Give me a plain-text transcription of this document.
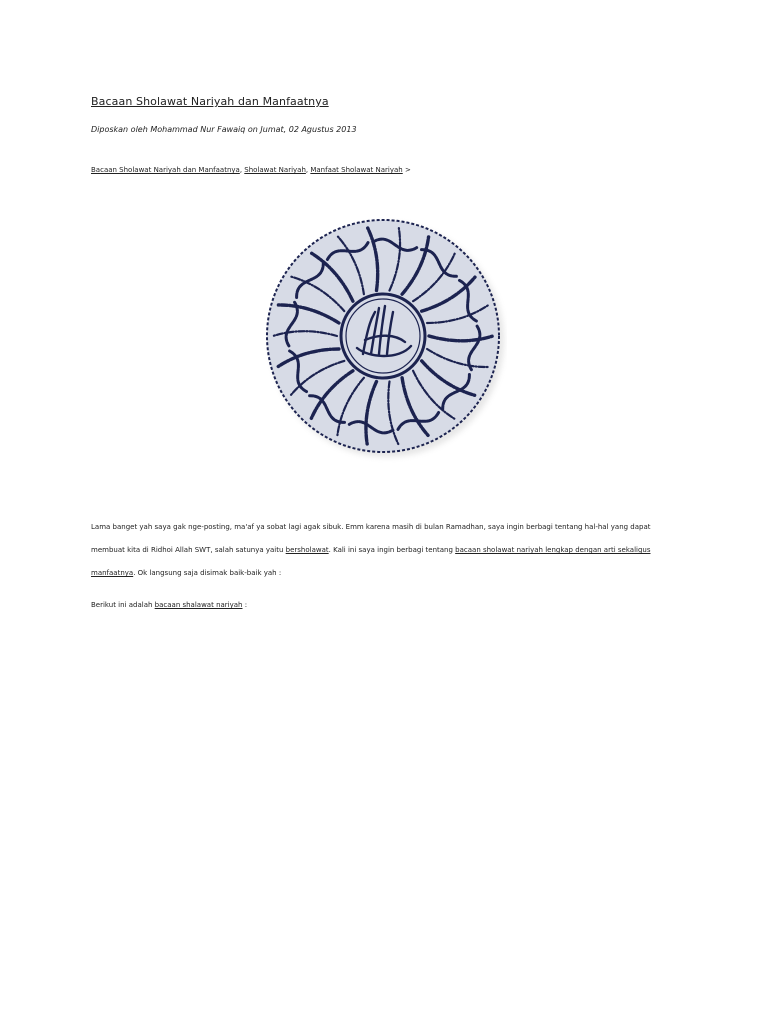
Bacaan Sholawat Nariyah dan Manfaatnya
Diposkan oleh Mohammad Nur Fawaiq on Jumat, 02 Agustus 2013
Bacaan Sholawat Nariyah dan Manfaatnya, Sholawat Nariyah, Manfaat Sholawat Nariyah >
Lama banget yah saya gak nge-posting, ma'af ya sobat lagi agak sibuk. Emm karena masih di bulan Ramadhan, saya ingin berbagi tentang hal-hal yang dapat membuat kita di Ridhoi Allah SWT, salah satunya yaitu bersholawat. Kali ini saya ingin berbagi tentang bacaan sholawat nariyah lengkap dengan arti sekaligus manfaatnya. Ok langsung saja disimak baik-baik yah :
Berikut ini adalah bacaan shalawat nariyah :
